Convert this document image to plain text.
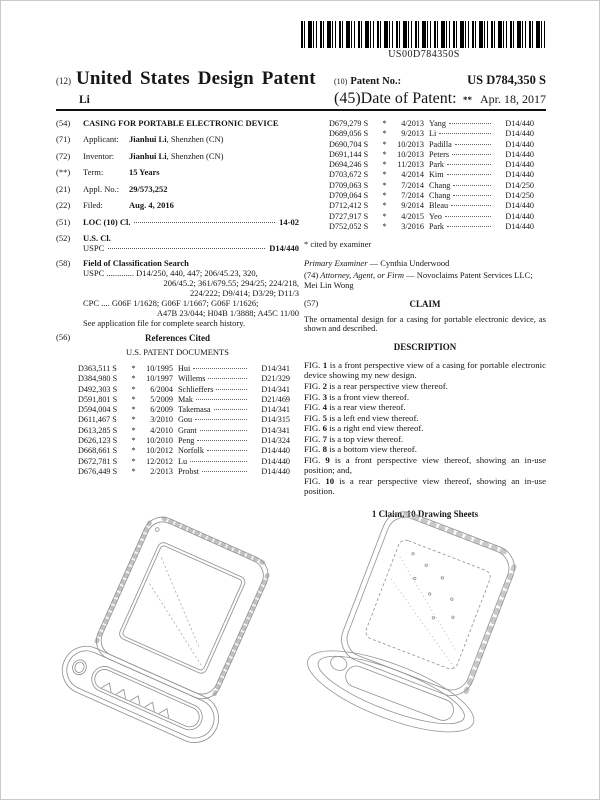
US00D784350S
(12) United States Design Patent (10) Patent No.:	US D784,350 S
Li	(45) Date of Patent: ** Apr. 18, 2017
(54)	CASING FOR PORTABLE ELECTRONIC DEVICE
(71)	Applicant: Jianhui Li, Shenzhen (CN)
(72)	Inventor: Jianhui Li, Shenzhen (CN)
(**)	Term:	15 Years
(21)	Appl. No.: 29/573,252
(22)	Filed:	Aug. 4, 2016
(51)	LOC (10) Cl.	14-02
(52)	U.S. Cl.
USPC	D14/440
(58)	Field of Classification Search
USPC ............. D14/250, 440, 447; 206/45.23, 320,
206/45.2; 361/679.55; 294/25; 224/218,
224/222; D9/414; D3/29; D11/3
CPC .... G06F 1/1628; G06F 1/1667; G06F 1/1626;
A47B 23/044; H04B 1/3888; A45C 11/00
See application file for complete search history.
(56)	References Cited
U.S. PATENT DOCUMENTS
D363,511 S	*	10/1995 Hui	D14/341
D384,980 S	*	10/1997 Willems	D21/329
D492,303 S	*	6/2004 Schlieffers	D14/341
D591,801 S	*	5/2009 Mak	D21/469
D594,004 S	*	6/2009 Takemasa	D14/341
D611,467 S	*	3/2010 Gou	D14/315
D613,285 S	*	4/2010 Grant	D14/341
D626,123 S	*	10/2010 Peng	D14/324
D668,661 S	*	10/2012 Norfolk	D14/440
D672,781 S	*	12/2012 Lu	D14/440
D676,449 S	*	2/2013 Probst	D14/440
D679,279 S	*	4/2013 Yang	D14/440
D689,056 S	*	9/2013 Li	D14/440
D690,704 S	*	10/2013 Padilla	D14/440
D691,144 S	*	10/2013 Peters	D14/440
D694,246 S	*	11/2013 Park	D14/440
D703,672 S	*	4/2014 Kim	D14/440
D709,063 S	*	7/2014 Chang	D14/250
D709,064 S	*	7/2014 Chang	D14/250
D712,412 S	*	9/2014 Bleau	D14/440
D727,917 S	*	4/2015 Yeo	D14/440
D752,052 S	*	3/2016 Park	D14/440
* cited by examiner
Primary Examiner — Cynthia Underwood
(74) Attorney, Agent, or Firm — Novoclaims Patent Services LLC; Mei Lin Wong
(57)	CLAIM
The ornamental design for a casing for portable electronic device, as shown and described.
DESCRIPTION
FIG. 1 is a front perspective view of a casing for portable electronic device showing my new design.
FIG. 2 is a rear perspective view thereof.
FIG. 3 is a front view thereof.
FIG. 4 is a rear view thereof.
FIG. 5 is a left end view thereof.
FIG. 6 is a right end view thereof.
FIG. 7 is a top view thereof.
FIG. 8 is a bottom view thereof.
FIG. 9 is a front perspective view thereof, showing an in-use position; and,
FIG. 10 is a rear perspective view thereof, showing an in-use position.
1 Claim, 10 Drawing Sheets
